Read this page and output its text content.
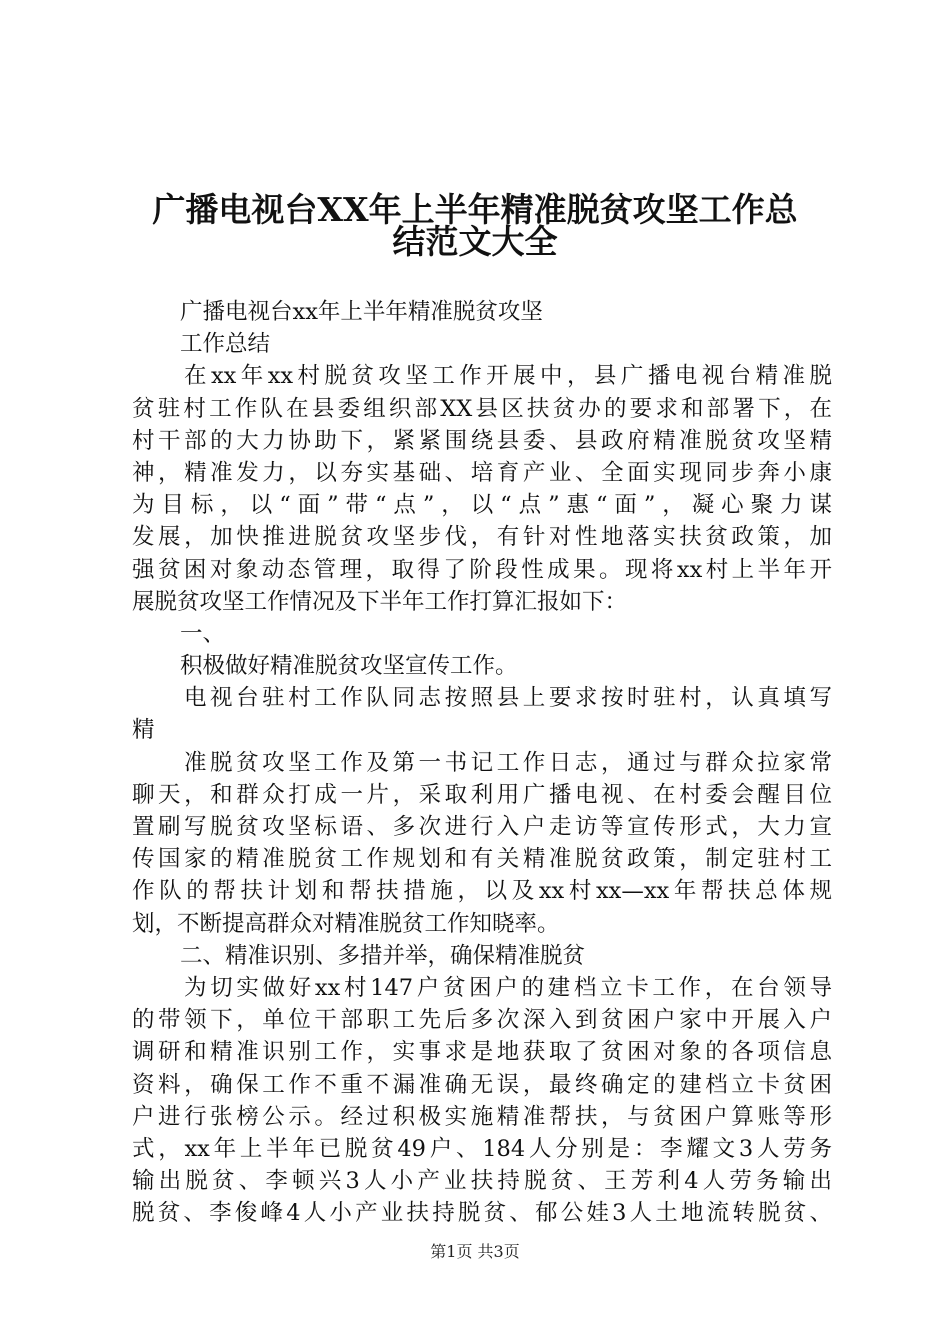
广播电视台XX年上半年精准脱贫攻坚工作总
结范文大全
广播电视台xx年上半年精准脱贫攻坚
工作总结
在xx年xx村脱贫攻坚工作开展中，县广播电视台精准脱
贫驻村工作队在县委组织部XX县区扶贫办的要求和部署下，在
村干部的大力协助下，紧紧围绕县委、县政府精准脱贫攻坚精
神，精准发力，以夯实基础、培育产业、全面实现同步奔小康
为目标，以“面”带“点”，以“点”惠“面”，凝心聚力谋
发展，加快推进脱贫攻坚步伐，有针对性地落实扶贫政策，加
强贫困对象动态管理，取得了阶段性成果。现将xx村上半年开
展脱贫攻坚工作情况及下半年工作打算汇报如下：
一、
积极做好精准脱贫攻坚宣传工作。
电视台驻村工作队同志按照县上要求按时驻村，认真填写
精
准脱贫攻坚工作及第一书记工作日志，通过与群众拉家常
聊天，和群众打成一片，采取利用广播电视、在村委会醒目位
置刷写脱贫攻坚标语、多次进行入户走访等宣传形式，大力宣
传国家的精准脱贫工作规划和有关精准脱贫政策，制定驻村工
作队的帮扶计划和帮扶措施，以及xx村xx—xx年帮扶总体规
划，不断提高群众对精准脱贫工作知晓率。
二、精准识别、多措并举，确保精准脱贫
为切实做好xx村147户贫困户的建档立卡工作，在台领导
的带领下，单位干部职工先后多次深入到贫困户家中开展入户
调研和精准识别工作，实事求是地获取了贫困对象的各项信息
资料，确保工作不重不漏准确无误，最终确定的建档立卡贫困
户进行张榜公示。经过积极实施精准帮扶，与贫困户算账等形
式，xx年上半年已脱贫49户、184人分别是：李耀文3人劳务
输出脱贫、李顿兴3人小产业扶持脱贫、王芳利4人劳务输出
脱贫、李俊峰4人小产业扶持脱贫、郁公娃3人土地流转脱贫、
第1页 共3页
